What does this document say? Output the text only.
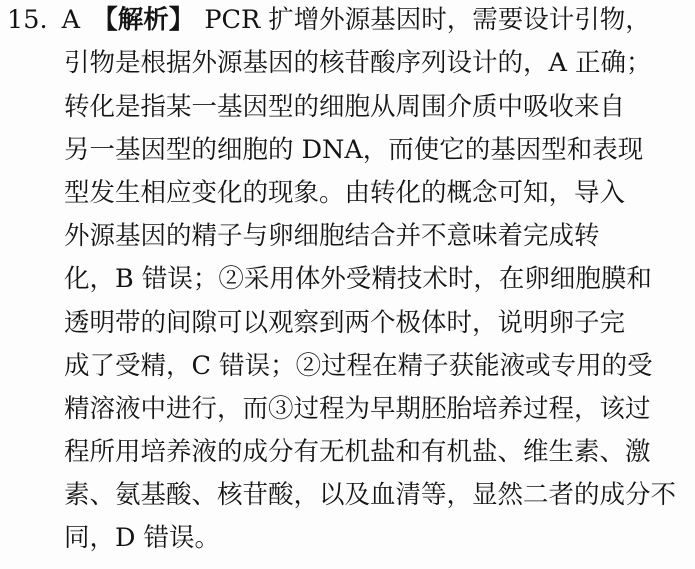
15. A 【解析】 PCR 扩增外源基因时，需要设计引物，
引物是根据外源基因的核苷酸序列设计的，A 正确；
转化是指某一基因型的细胞从周围介质中吸收来自
另一基因型的细胞的 DNA，而使它的基因型和表现
型发生相应变化的现象。由转化的概念可知，导入
外源基因的精子与卵细胞结合并不意味着完成转
化，B 错误；②采用体外受精技术时，在卵细胞膜和
透明带的间隙可以观察到两个极体时，说明卵子完
成了受精，C 错误；②过程在精子获能液或专用的受
精溶液中进行，而③过程为早期胚胎培养过程，该过
程所用培养液的成分有无机盐和有机盐、维生素、激
素、氨基酸、核苷酸，以及血清等，显然二者的成分不
同，D 错误。
